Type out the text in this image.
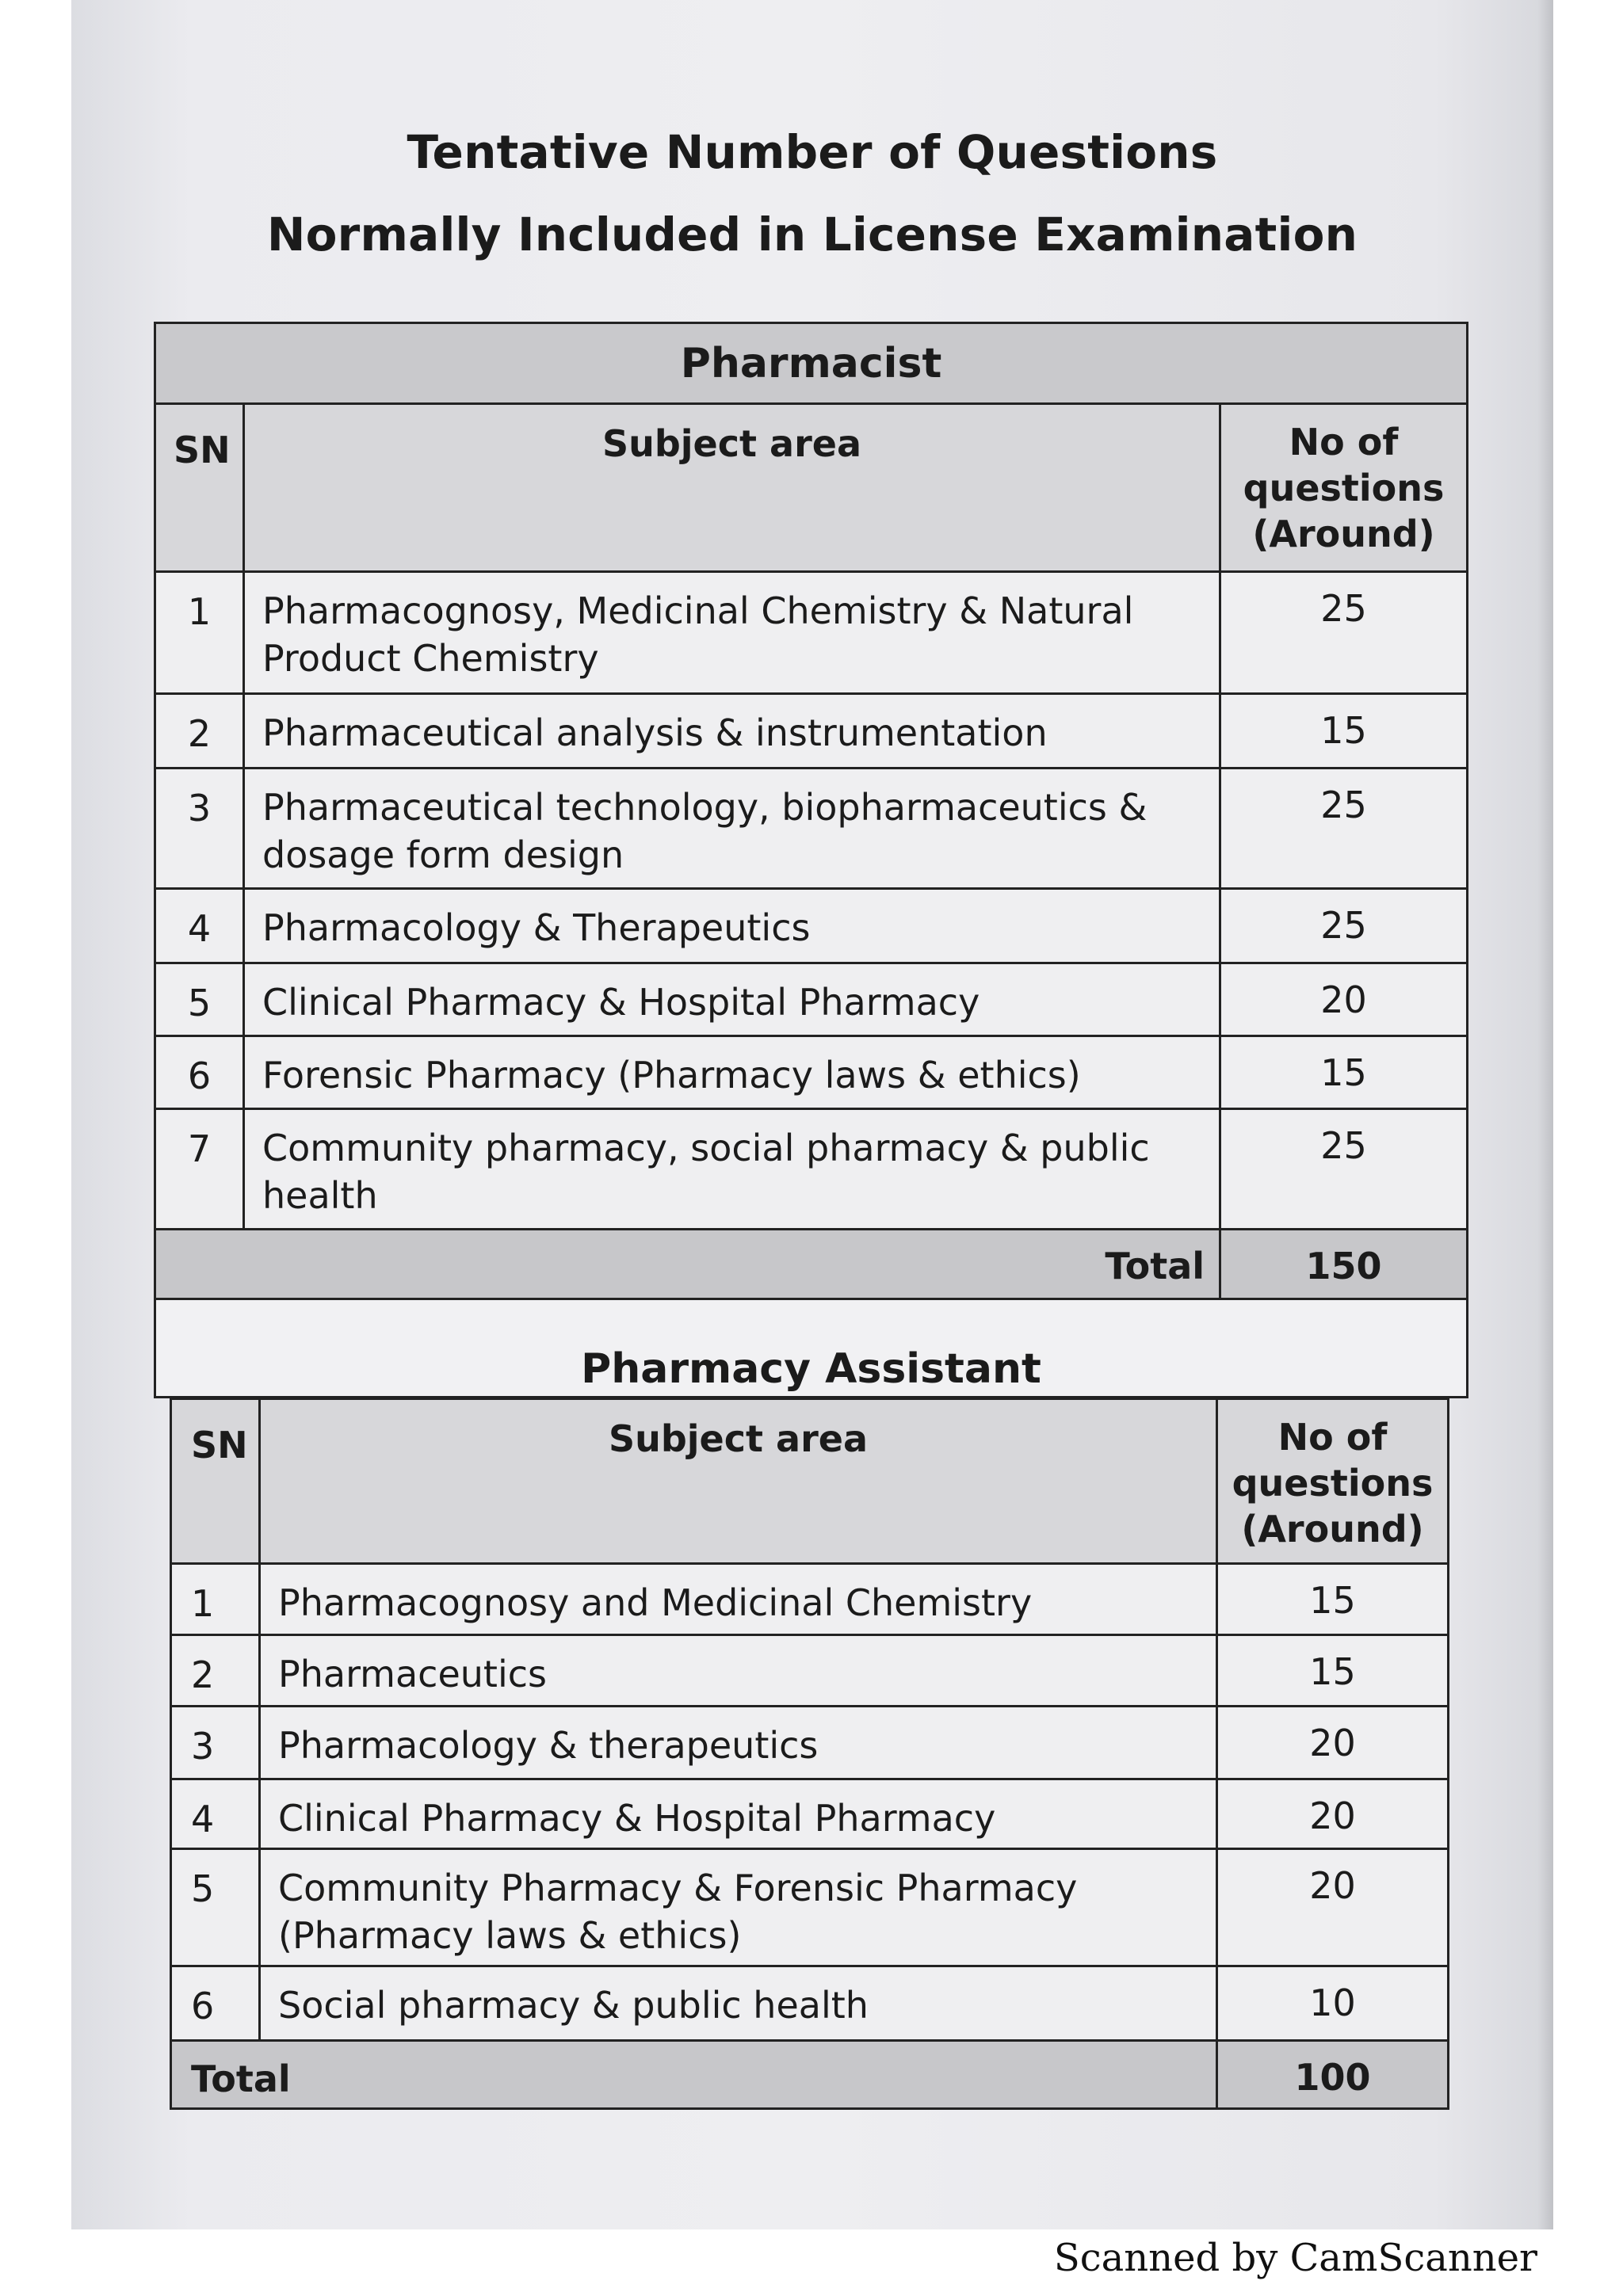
Tentative Number of Questions
Normally Included in License Examination
Pharmacist		
SN	Subject area	No of questions (Around)
1	Pharmacognosy, Medicinal Chemistry & Natural Product Chemistry	25
2	Pharmaceutical analysis & instrumentation	15
3	Pharmaceutical technology, biopharmaceutics & dosage form design	25
4	Pharmacology & Therapeutics	25
5	Clinical Pharmacy & Hospital Pharmacy	20
6	Forensic Pharmacy (Pharmacy laws & ethics)	15
7	Community pharmacy, social pharmacy & public health	25
Total		150
Pharmacy Assistant		
SN	Subject area	No of questions (Around)
1	Pharmacognosy and Medicinal Chemistry	15
2	Pharmaceutics	15
3	Pharmacology & therapeutics	20
4	Clinical Pharmacy & Hospital Pharmacy	20
5	Community Pharmacy & Forensic Pharmacy (Pharmacy laws & ethics)	20
6	Social pharmacy & public health	10
Total		100
Scanned by CamScanner
